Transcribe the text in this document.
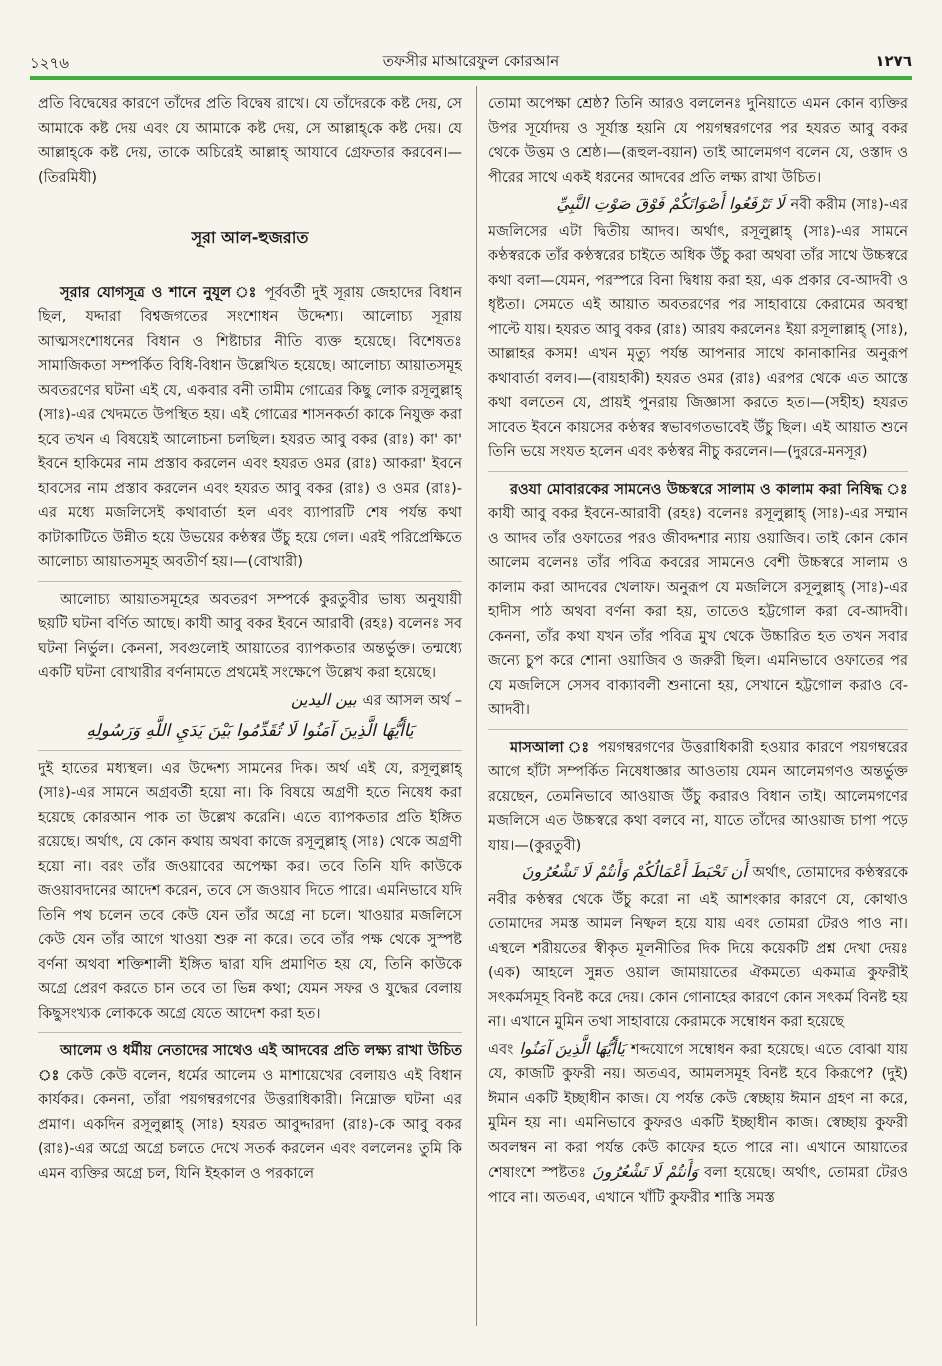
১২৭৬	তফসীর মাআরেফুল কোরআন	۱۲۷٦

প্রতি বিদ্বেষের কারণে তাঁদের প্রতি বিদ্বেষ রাখে। যে তাঁদেরকে কষ্ট দেয়, সে আমাকে কষ্ট দেয় এবং যে আমাকে কষ্ট দেয়, সে আল্লাহ্‌কে কষ্ট দেয়। যে আল্লাহ্‌কে কষ্ট দেয়, তাকে অচিরেই আল্লাহ্‌ আযাবে গ্রেফতার করবেন।—(তিরমিযী)

সূরা আল-হুজরাত

সূরার যোগসূত্র ও শানে নুযূল ঃ পূর্ববর্তী দুই সূরায় জেহাদের বিধান ছিল, যদ্দারা বিশ্বজগতের সংশোধন উদ্দেশ্য। আলোচ্য সূরায় আত্মসংশোধনের বিধান ও শিষ্টাচার নীতি ব্যক্ত হয়েছে। বিশেষতঃ সামাজিকতা সম্পর্কিত বিধি-বিধান উল্লেখিত হয়েছে। আলোচ্য আয়াতসমূহ অবতরণের ঘটনা এই যে, একবার বনী তামীম গোত্রের কিছু লোক রসূলুল্লাহ্‌ (সাঃ)-এর খেদমতে উপস্থিত হয়। এই গোত্রের শাসনকর্তা কাকে নিযুক্ত করা হবে তখন এ বিষয়েই আলোচনা চলছিল। হযরত আবু বকর (রাঃ) কা' কা' ইবনে হাকিমের নাম প্রস্তাব করলেন এবং হযরত ওমর (রাঃ) আকরা' ইবনে হাবসের নাম প্রস্তাব করলেন এবং হযরত আবু বকর (রাঃ) ও ওমর (রাঃ)-এর মধ্যে মজলিসেই কথাবার্তা হল এবং ব্যাপারটি শেষ পর্যন্ত কথা কাটাকাটিতে উন্নীত হয়ে উভয়ের কণ্ঠস্বর উঁচু হয়ে গেল। এরই পরিপ্রেক্ষিতে আলোচ্য আয়াতসমূহ অবতীর্ণ হয়।—(বোখারী)

আলোচ্য আয়াতসমূহের অবতরণ সম্পর্কে কুরতুবীর ভাষ্য অনুযায়ী ছয়টি ঘটনা বর্ণিত আছে। কাযী আবু বকর ইবনে আরাবী (রহঃ) বলেনঃ সব ঘটনা নির্ভুল। কেননা, সবগুলোই আয়াতের ব্যাপকতার অন্তর্ভুক্ত। তন্মধ্যে একটি ঘটনা বোখারীর বর্ণনামতে প্রথমেই সংক্ষেপে উল্লেখ করা হয়েছে।

بين اليدين এর আসল অর্থ –

يَاأَيُّهَا الَّذِينَ آمَنُوا لَا تُقَدِّمُوا بَيْنَ يَدَيِ اللَّهِ وَرَسُولِهِ

দুই হাতের মধ্যস্থল। এর উদ্দেশ্য সামনের দিক। অর্থ এই যে, রসূলুল্লাহ্‌ (সাঃ)-এর সামনে অগ্রবর্তী হয়ো না। কি বিষয়ে অগ্রণী হতে নিষেধ করা হয়েছে কোরআন পাক তা উল্লেখ করেনি। এতে ব্যাপকতার প্রতি ইঙ্গিত রয়েছে। অর্থাৎ, যে কোন কথায় অথবা কাজে রসূলুল্লাহ্‌ (সাঃ) থেকে অগ্রণী হয়ো না। বরং তাঁর জওয়াবের অপেক্ষা কর। তবে তিনি যদি কাউকে জওয়াবদানের আদেশ করেন, তবে সে জওয়াব দিতে পারে। এমনিভাবে যদি তিনি পথ চলেন তবে কেউ যেন তাঁর অগ্রে না চলে। খাওয়ার মজলিসে কেউ যেন তাঁর আগে খাওয়া শুরু না করে। তবে তাঁর পক্ষ থেকে সুস্পষ্ট বর্ণনা অথবা শক্তিশালী ইঙ্গিত দ্বারা যদি প্রমাণিত হয় যে, তিনি কাউকে অগ্রে প্রেরণ করতে চান তবে তা ভিন্ন কথা; যেমন সফর ও যুদ্ধের বেলায় কিছুসংখ্যক লোককে অগ্রে যেতে আদেশ করা হত।

আলেম ও ধর্মীয় নেতাদের সাথেও এই আদবের প্রতি লক্ষ্য রাখা উচিত ঃ কেউ কেউ বলেন, ধর্মের আলেম ও মাশায়েখের বেলায়ও এই বিধান কার্যকর। কেননা, তাঁরা পয়গম্বরগণের উত্তরাধিকারী। নিম্নোক্ত ঘটনা এর প্রমাণ। একদিন রসূলুল্লাহ্‌ (সাঃ) হযরত আবুদ্দারদা (রাঃ)-কে আবু বকর (রাঃ)-এর অগ্রে অগ্রে চলতে দেখে সতর্ক করলেন এবং বললেনঃ তুমি কি এমন ব্যক্তির অগ্রে চল, যিনি ইহকাল ও পরকালে

তোমা অপেক্ষা শ্রেষ্ঠ? তিনি আরও বললেনঃ দুনিয়াতে এমন কোন ব্যক্তির উপর সূর্যোদয় ও সূর্যাস্ত হয়নি যে পয়গম্বরগণের পর হযরত আবু বকর থেকে উত্তম ও শ্রেষ্ঠ।—(রূহুল-বয়ান) তাই আলেমগণ বলেন যে, ওস্তাদ ও পীরের সাথে একই ধরনের আদবের প্রতি লক্ষ্য রাখা উচিত।

لَا تَرْفَعُوا أَصْوَاتَكُمْ فَوْقَ صَوْتِ النَّبِيِّ নবী করীম (সাঃ)-এর

মজলিসের এটা দ্বিতীয় আদব। অর্থাৎ, রসূলুল্লাহ্‌ (সাঃ)-এর সামনে কণ্ঠস্বরকে তাঁর কণ্ঠস্বরের চাইতে অধিক উঁচু করা অথবা তাঁর সাথে উচ্চস্বরে কথা বলা—যেমন, পরস্পরে বিনা দ্বিধায় করা হয়, এক প্রকার বে-আদবী ও ধৃষ্টতা। সেমতে এই আয়াত অবতরণের পর সাহাবায়ে কেরামের অবস্থা পাল্টে যায়। হযরত আবু বকর (রাঃ) আরয করলেনঃ ইয়া রসূলাল্লাহ্‌ (সাঃ), আল্লাহর কসম! এখন মৃত্যু পর্যন্ত আপনার সাথে কানাকানির অনুরূপ কথাবার্তা বলব।—(বায়হাকী) হযরত ওমর (রাঃ) এরপর থেকে এত আস্তে কথা বলতেন যে, প্রায়ই পুনরায় জিজ্ঞাসা করতে হত।—(সহীহ) হযরত সাবেত ইবনে কায়সের কণ্ঠস্বর স্বভাবগতভাবেই উঁচু ছিল। এই আয়াত শুনে তিনি ভয়ে সংযত হলেন এবং কণ্ঠস্বর নীচু করলেন।—(দুররে-মনসূর)

রওযা মোবারকের সামনেও উচ্চস্বরে সালাম ও কালাম করা নিষিদ্ধ ঃ কাযী আবু বকর ইবনে-আরাবী (রহঃ) বলেনঃ রসূলুল্লাহ্‌ (সাঃ)-এর সম্মান ও আদব তাঁর ওফাতের পরও জীবদ্দশার ন্যায় ওয়াজিব। তাই কোন কোন আলেম বলেনঃ তাঁর পবিত্র কবরের সামনেও বেশী উচ্চস্বরে সালাম ও কালাম করা আদবের খেলাফ। অনুরূপ যে মজলিসে রসূলুল্লাহ্‌ (সাঃ)-এর হাদীস পাঠ অথবা বর্ণনা করা হয়, তাতেও হট্টগোল করা বে-আদবী। কেননা, তাঁর কথা যখন তাঁর পবিত্র মুখ থেকে উচ্চারিত হত তখন সবার জন্যে চুপ করে শোনা ওয়াজিব ও জরুরী ছিল। এমনিভাবে ওফাতের পর যে মজলিসে সেসব বাক্যাবলী শুনানো হয়, সেখানে হট্টগোল করাও বে-আদবী।

মাসআলা ঃ পয়গম্বরগণের উত্তরাধিকারী হওয়ার কারণে পয়গম্বরের আগে হাঁটা সম্পর্কিত নিষেধাজ্ঞার আওতায় যেমন আলেমগণও অন্তর্ভুক্ত রয়েছেন, তেমনিভাবে আওয়াজ উঁচু করারও বিধান তাই। আলেমগণের মজলিসে এত উচ্চস্বরে কথা বলবে না, যাতে তাঁদের আওয়াজ চাপা পড়ে যায়।—(কুরতুবী)

أَن تَحْبَطَ أَعْمَالُكُمْ وَأَنتُمْ لَا تَشْعُرُونَ অর্থাৎ, তোমাদের কণ্ঠস্বরকে

নবীর কণ্ঠস্বর থেকে উঁচু করো না এই আশংকার কারণে যে, কোথাও তোমাদের সমস্ত আমল নিষ্ফল হয়ে যায় এবং তোমরা টেরও পাও না। এস্থলে শরীয়তের স্বীকৃত মূলনীতির দিক দিয়ে কয়েকটি প্রশ্ন দেখা দেয়ঃ (এক) আহলে সুন্নত ওয়াল জামায়াতের ঐকমত্যে একমাত্র কুফরীই সৎকর্মসমূহ বিনষ্ট করে দেয়। কোন গোনাহের কারণে কোন সৎকর্ম বিনষ্ট হয় না। এখানে মুমিন তথা সাহাবায়ে কেরামকে সম্বোধন করা হয়েছে

এবং يَاأَيُّهَا الَّذِينَ آمَنُوا শব্দযোগে সম্বোধন করা হয়েছে। এতে বোঝা যায় যে, কাজটি কুফরী নয়। অতএব, আমলসমূহ বিনষ্ট হবে কিরূপে? (দুই) ঈমান একটি ইচ্ছাধীন কাজ। যে পর্যন্ত কেউ স্বেচ্ছায় ঈমান গ্রহণ না করে, মুমিন হয় না। এমনিভাবে কুফরও একটি ইচ্ছাধীন কাজ। স্বেচ্ছায় কুফরী অবলম্বন না করা পর্যন্ত কেউ কাফের হতে পারে না। এখানে আয়াতের শেষাংশে স্পষ্টতঃ وَأَنتُمْ لَا تَشْعُرُونَ বলা হয়েছে। অর্থাৎ, তোমরা টেরও পাবে না। অতএব, এখানে খাঁটি কুফরীর শাস্তি সমস্ত
